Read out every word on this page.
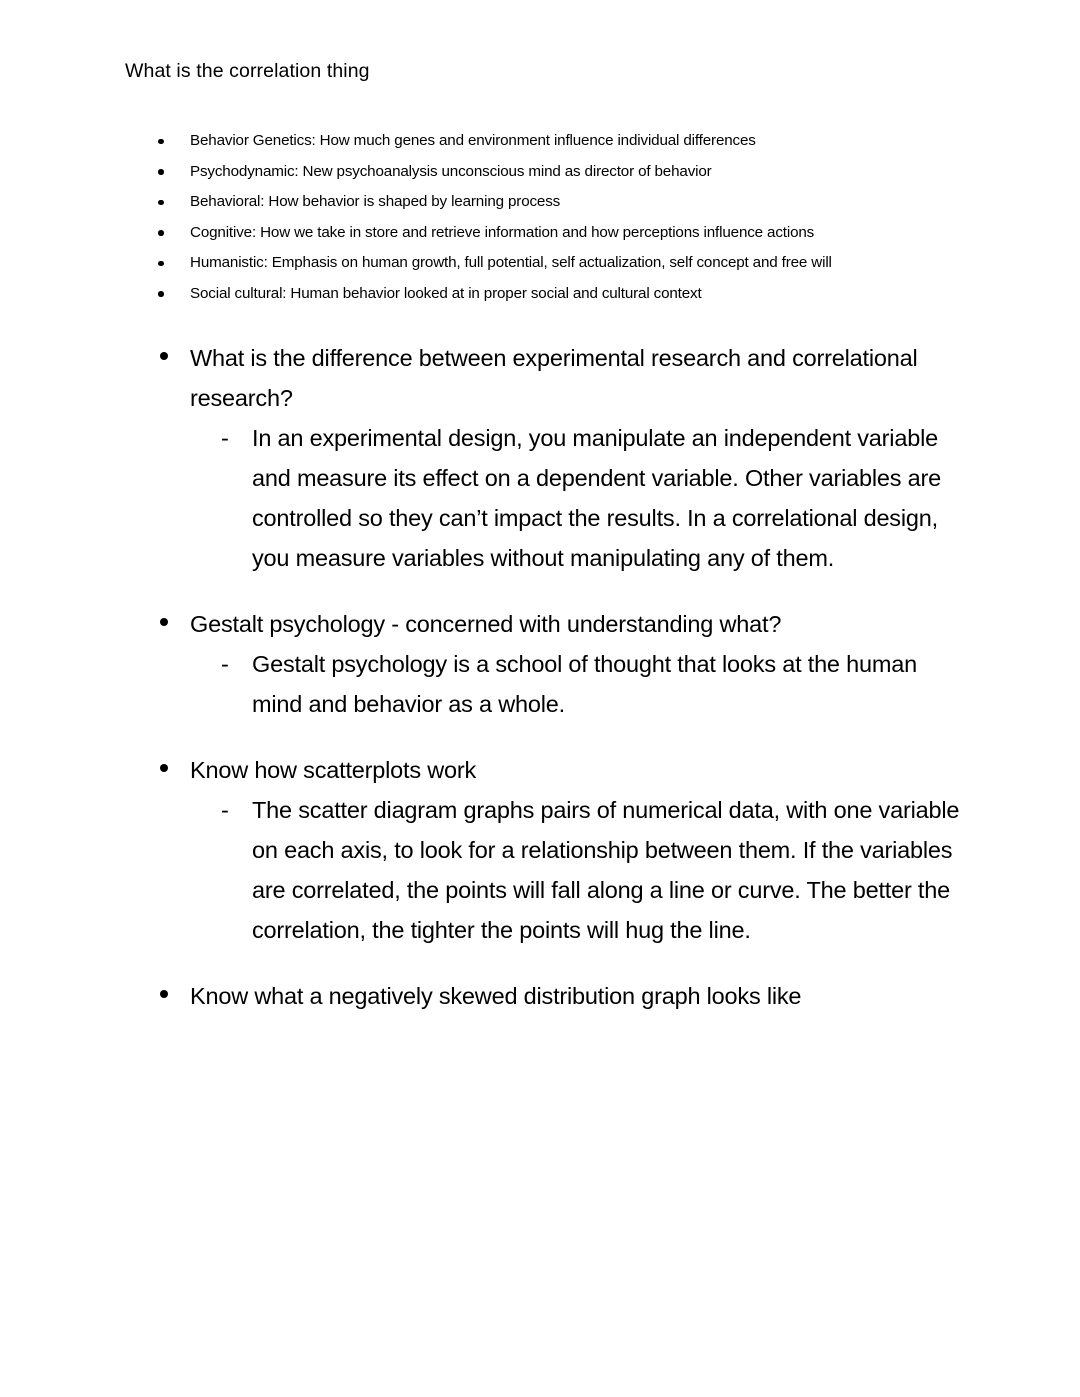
What is the correlation thing
Behavior Genetics: How much genes and environment influence individual differences
Psychodynamic: New psychoanalysis unconscious mind as director of behavior
Behavioral: How behavior is shaped by learning process
Cognitive: How we take in store and retrieve information and how perceptions influence actions
Humanistic: Emphasis on human growth, full potential, self actualization, self concept and free will
Social cultural: Human behavior looked at in proper social and cultural context
What is the difference between experimental research and correlational research?
- In an experimental design, you manipulate an independent variable and measure its effect on a dependent variable. Other variables are controlled so they can’t impact the results. In a correlational design, you measure variables without manipulating any of them.
Gestalt psychology - concerned with understanding what?
- Gestalt psychology is a school of thought that looks at the human mind and behavior as a whole.
Know how scatterplots work
- The scatter diagram graphs pairs of numerical data, with one variable on each axis, to look for a relationship between them. If the variables are correlated, the points will fall along a line or curve. The better the correlation, the tighter the points will hug the line.
Know what a negatively skewed distribution graph looks like
